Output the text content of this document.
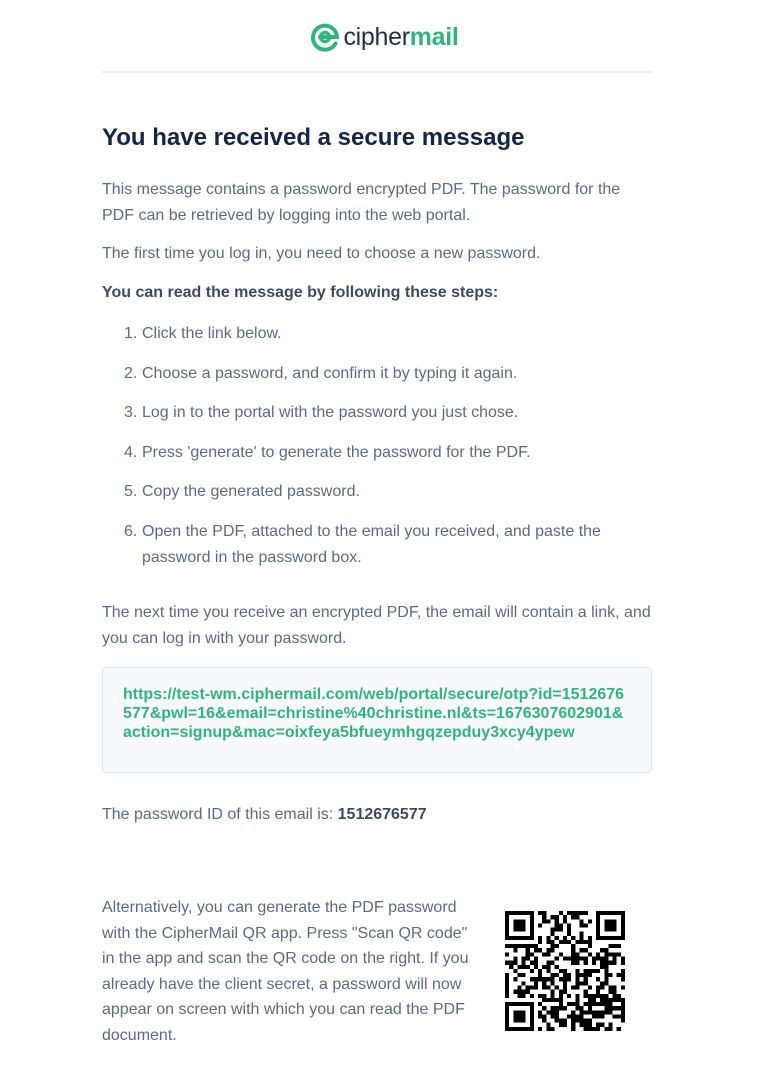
ciphermail
You have received a secure message

This message contains a password encrypted PDF. The password for the PDF can be retrieved by logging into the web portal.

The first time you log in, you need to choose a new password.

You can read the message by following these steps:

1. Click the link below.
2. Choose a password, and confirm it by typing it again.
3. Log in to the portal with the password you just chose.
4. Press 'generate' to generate the password for the PDF.
5. Copy the generated password.
6. Open the PDF, attached to the email you received, and paste the password in the password box.

The next time you receive an encrypted PDF, the email will contain a link, and you can log in with your password.

https://test-wm.ciphermail.com/web/portal/secure/otp?id=1512676577&pwl=16&email=christine%40christine.nl&ts=1676307602901&action=signup&mac=oixfeya5bfueymhgqzepduy3xcy4ypew

The password ID of this email is: 1512676577

Alternatively, you can generate the PDF password with the CipherMail QR app. Press "Scan QR code" in the app and scan the QR code on the right. If you already have the client secret, a password will now appear on screen with which you can read the PDF document.
